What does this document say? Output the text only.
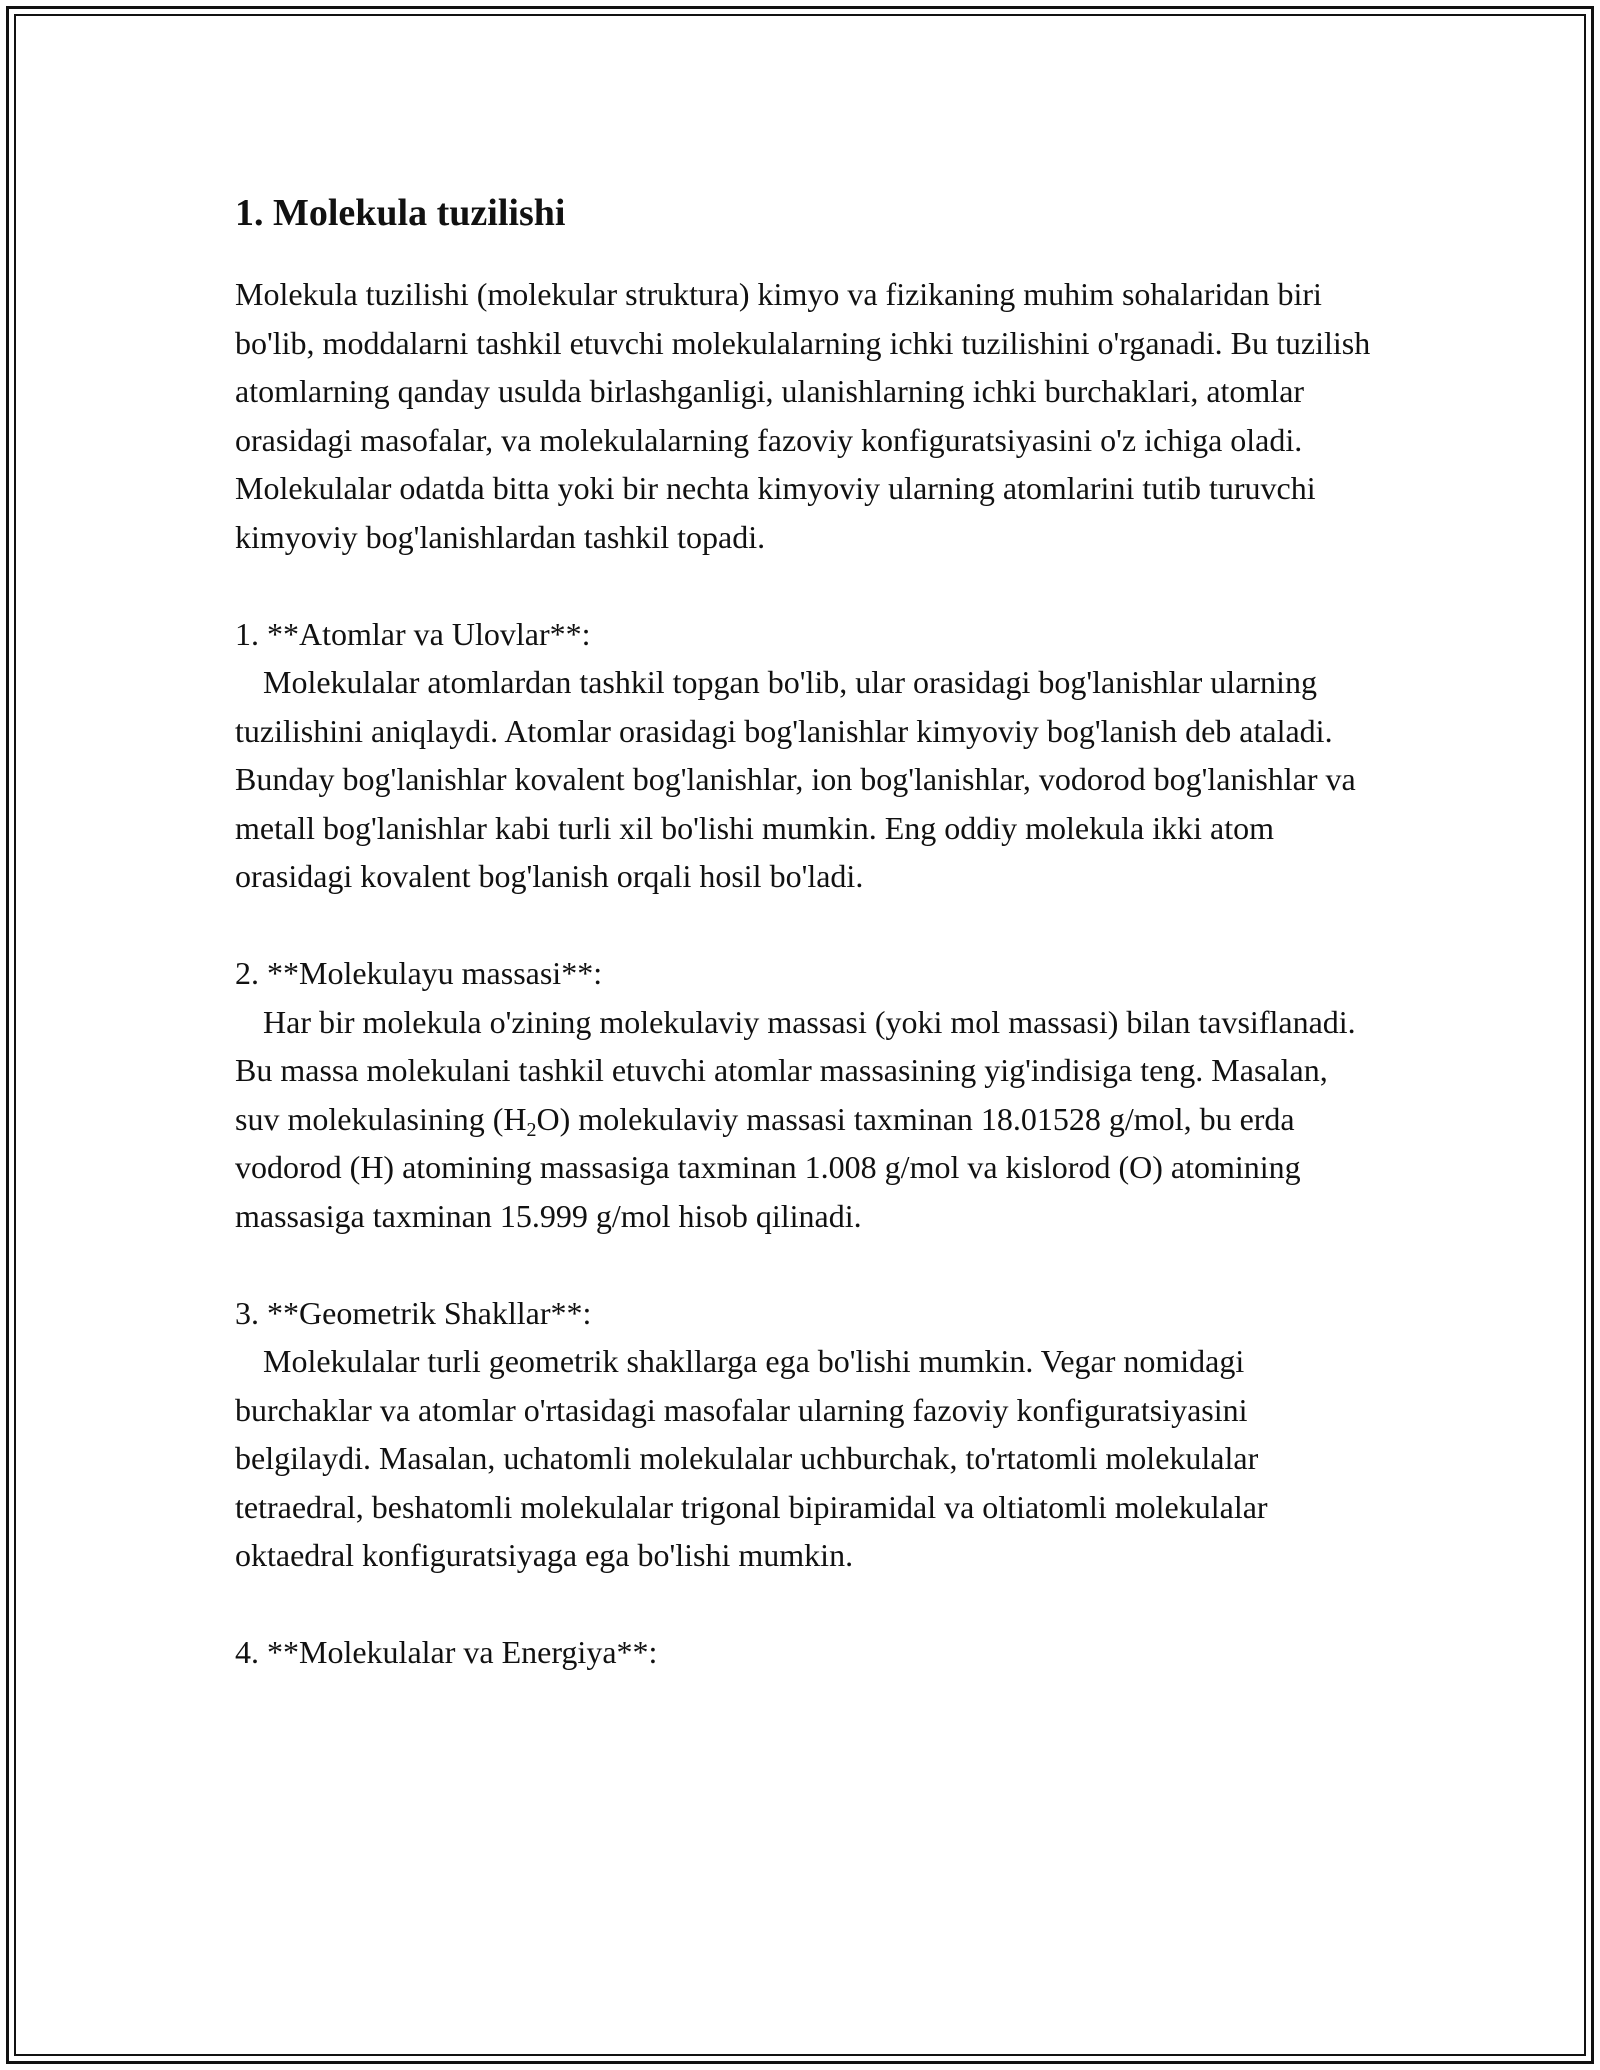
1. Molekula tuzilishi

Molekula tuzilishi (molekular struktura) kimyo va fizikaning muhim sohalaridan biri bo'lib, moddalarni tashkil etuvchi molekulalarning ichki tuzilishini o'rganadi. Bu tuzilish atomlarning qanday usulda birlashganligi, ulanishlarning ichki burchaklari, atomlar orasidagi masofalar, va molekulalarning fazoviy konfiguratsiyasini o'z ichiga oladi. Molekulalar odatda bitta yoki bir nechta kimyoviy ularning atomlarini tutib turuvchi kimyoviy bog'lanishlardan tashkil topadi.

1. **Atomlar va Ulovlar**:

Molekulalar atomlardan tashkil topgan bo'lib, ular orasidagi bog'lanishlar ularning tuzilishini aniqlaydi. Atomlar orasidagi bog'lanishlar kimyoviy bog'lanish deb ataladi. Bunday bog'lanishlar kovalent bog'lanishlar, ion bog'lanishlar, vodorod bog'lanishlar va metall bog'lanishlar kabi turli xil bo'lishi mumkin. Eng oddiy molekula ikki atom orasidagi kovalent bog'lanish orqali hosil bo'ladi.

2. **Molekulayu massasi**:

Har bir molekula o'zining molekulaviy massasi (yoki mol massasi) bilan tavsiflanadi. Bu massa molekulani tashkil etuvchi atomlar massasining yig'indisiga teng. Masalan, suv molekulasining $(H_2O)$ molekulaviy massasi taxminan 18.01528 g/mol, bu erda vodorod (H) atomining massasiga taxminan 1.008 g/mol va kislorod (O) atomining massasiga taxminan 15.999 g/mol hisob qilinadi.

3. **Geometrik Shakllar**:

Molekulalar turli geometrik shakllarga ega bo'lishi mumkin. Vegar nomidagi burchaklar va atomlar o'rtasidagi masofalar ularning fazoviy konfiguratsiyasini belgilaydi. Masalan, uchatomli molekulalar uchburchak, to'rtatomli molekulalar tetraedral, beshatomli molekulalar trigonal bipiramidal va oltiatomli molekulalar oktaedral konfiguratsiyaga ega bo'lishi mumkin.

4. **Molekulalar va Energiya**:
